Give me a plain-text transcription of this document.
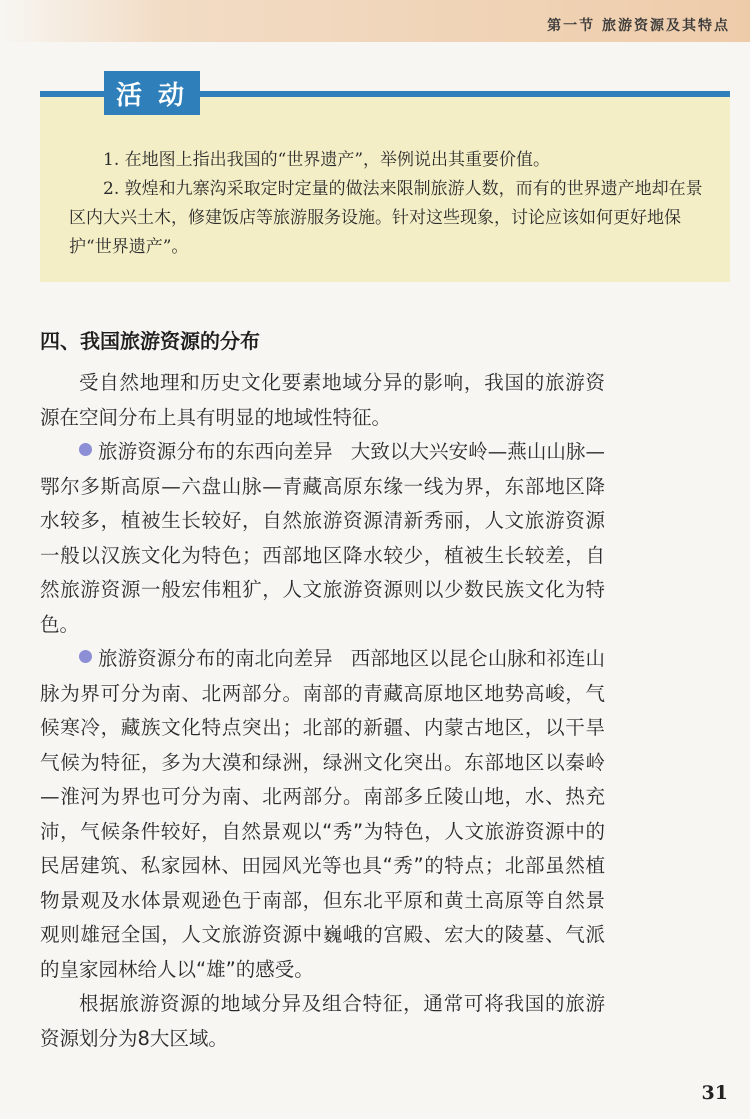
第一节 旅游资源及其特点
活动

1. 在地图上指出我国的“世界遗产”，举例说出其重要价值。

2. 敦煌和九寨沟采取定时定量的做法来限制旅游人数，而有的世界遗产地却在景区内大兴土木，修建饭店等旅游服务设施。针对这些现象，讨论应该如何更好地保护“世界遗产”。

四、我国旅游资源的分布

受自然地理和历史文化要素地域分异的影响，我国的旅游资源在空间分布上具有明显的地域性特征。

旅游资源分布的东西向差异 大致以大兴安岭—燕山山脉—鄂尔多斯高原—六盘山脉—青藏高原东缘一线为界，东部地区降水较多，植被生长较好，自然旅游资源清新秀丽，人文旅游资源一般以汉族文化为特色；西部地区降水较少，植被生长较差，自然旅游资源一般宏伟粗犷，人文旅游资源则以少数民族文化为特色。

旅游资源分布的南北向差异 西部地区以昆仑山脉和祁连山脉为界可分为南、北两部分。南部的青藏高原地区地势高峻，气候寒冷，藏族文化特点突出；北部的新疆、内蒙古地区，以干旱气候为特征，多为大漠和绿洲，绿洲文化突出。东部地区以秦岭—淮河为界也可分为南、北两部分。南部多丘陵山地，水、热充沛，气候条件较好，自然景观以“秀”为特色，人文旅游资源中的民居建筑、私家园林、田园风光等也具“秀”的特点；北部虽然植物景观及水体景观逊色于南部，但东北平原和黄土高原等自然景观则雄冠全国，人文旅游资源中巍峨的宫殿、宏大的陵墓、气派的皇家园林给人以“雄”的感受。

根据旅游资源的地域分异及组合特征，通常可将我国的旅游资源划分为8大区域。

31
